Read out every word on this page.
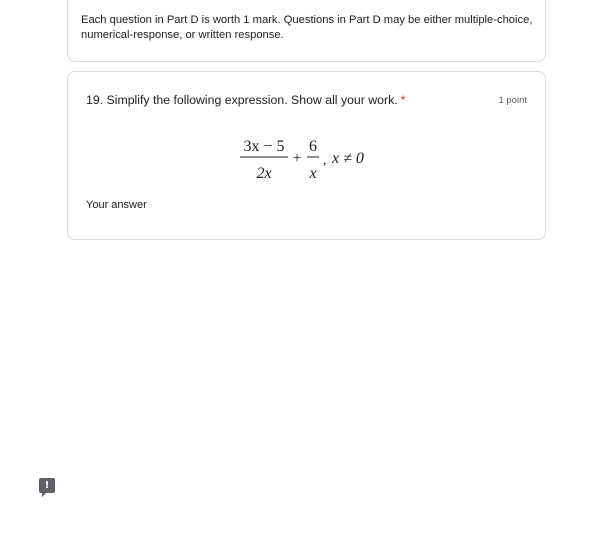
Each question in Part D is worth 1 mark. Questions in Part D may be either multiple-choice, numerical-response, or written response.
19. Simplify the following expression. Show all your work. *	1 point
3x − 5
2x
+
6
x
, x ≠ 0
Your answer
!
